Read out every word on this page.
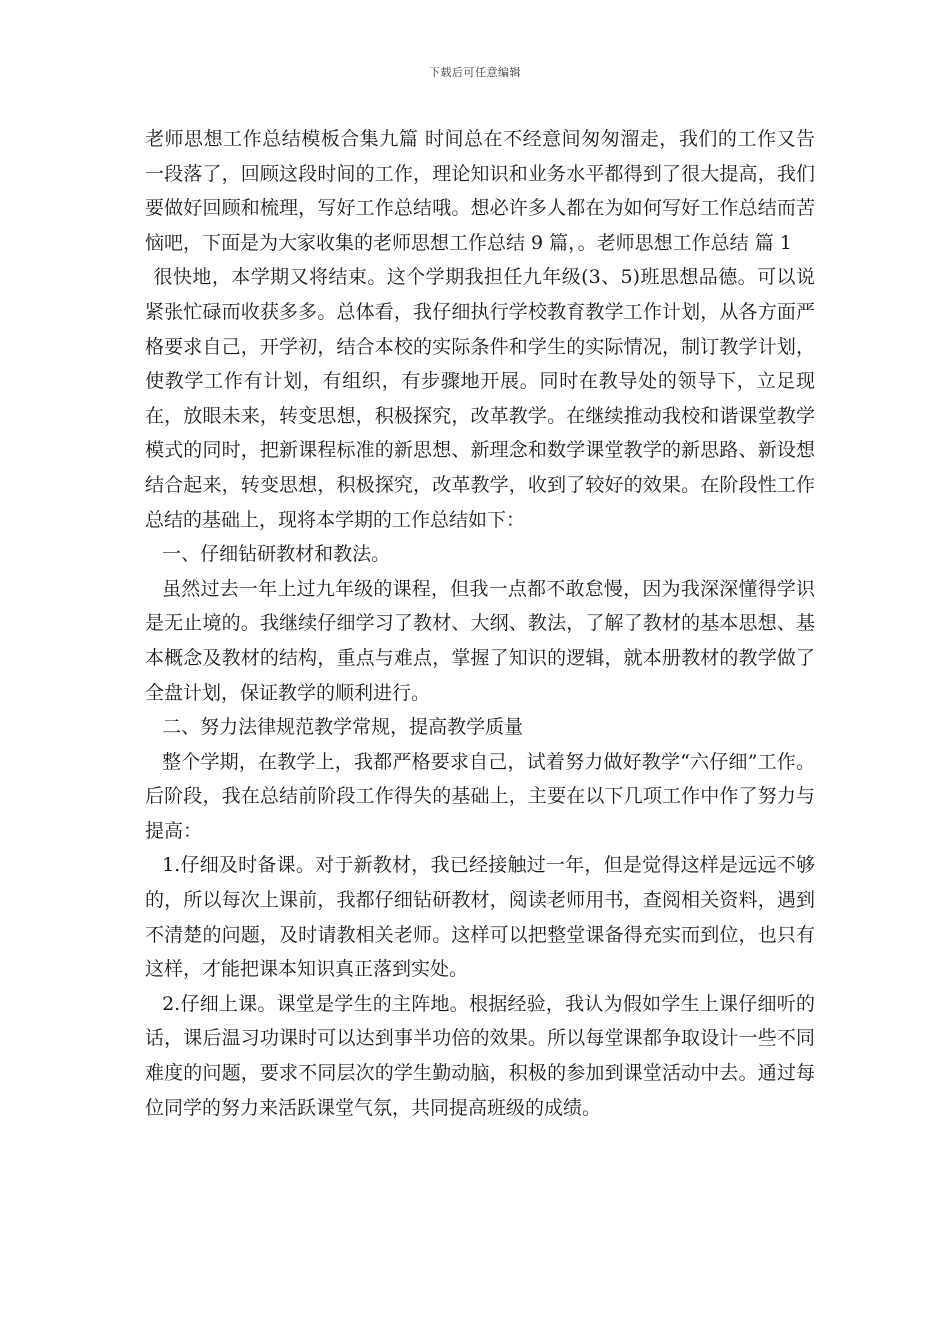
下载后可任意编辑

老师思想工作总结模板合集九篇 时间总在不经意间匆匆溜走，我们的工作又告一段落了，回顾这段时间的工作，理论知识和业务水平都得到了很大提高，我们要做好回顾和梳理，写好工作总结哦。想必许多人都在为如何写好工作总结而苦恼吧，下面是为大家收集的老师思想工作总结 9 篇，。老师思想工作总结 篇 1

很快地，本学期又将结束。这个学期我担任九年级(3、5)班思想品德。可以说紧张忙碌而收获多多。总体看，我仔细执行学校教育教学工作计划，从各方面严格要求自己，开学初，结合本校的实际条件和学生的实际情况，制订教学计划，使教学工作有计划，有组织，有步骤地开展。同时在教导处的领导下，立足现在，放眼未来，转变思想，积极探究，改革教学。在继续推动我校和谐课堂教学模式的同时，把新课程标准的新思想、新理念和数学课堂教学的新思路、新设想结合起来，转变思想，积极探究，改革教学，收到了较好的效果。在阶段性工作总结的基础上，现将本学期的工作总结如下：

一、仔细钻研教材和教法。

虽然过去一年上过九年级的课程，但我一点都不敢怠慢，因为我深深懂得学识是无止境的。我继续仔细学习了教材、大纲、教法，了解了教材的基本思想、基本概念及教材的结构，重点与难点，掌握了知识的逻辑，就本册教材的教学做了全盘计划，保证教学的顺利进行。

二、努力法律规范教学常规，提高教学质量

整个学期，在教学上，我都严格要求自己，试着努力做好教学“六仔细”工作。后阶段，我在总结前阶段工作得失的基础上，主要在以下几项工作中作了努力与提高：

1.仔细及时备课。对于新教材，我已经接触过一年，但是觉得这样是远远不够的，所以每次上课前，我都仔细钻研教材，阅读老师用书，查阅相关资料，遇到不清楚的问题，及时请教相关老师。这样可以把整堂课备得充实而到位，也只有这样，才能把课本知识真正落到实处。

2.仔细上课。课堂是学生的主阵地。根据经验，我认为假如学生上课仔细听的话，课后温习功课时可以达到事半功倍的效果。所以每堂课都争取设计一些不同难度的问题，要求不同层次的学生勤动脑，积极的参加到课堂活动中去。通过每位同学的努力来活跃课堂气氛，共同提高班级的成绩。
